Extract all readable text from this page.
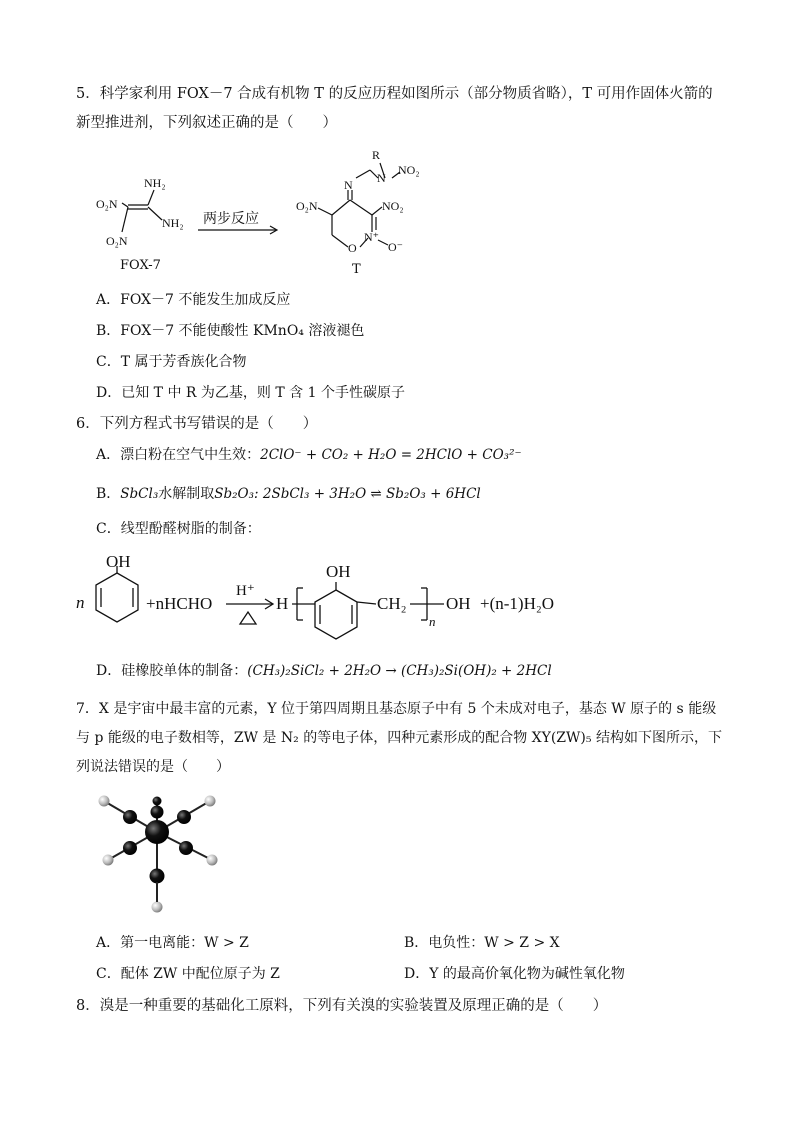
5．科学家利用 FOX－7 合成有机物 T 的反应历程如图所示（部分物质省略），T 可用作固体火箭的
新型推进剂，下列叙述正确的是（　　）
NH₂
O₂N
NH₂
O₂N
FOX-7
两步反应
R
N
NO₂
N
O₂N	NO₂
N⁺
O	O⁻
T
A．FOX－7 不能发生加成反应
B．FOX－7 不能使酸性 KMnO₄ 溶液褪色
C．T 属于芳香族化合物
D．已知 T 中 R 为乙基，则 T 含 1 个手性碳原子
6．下列方程式书写错误的是（　　）
A．漂白粉在空气中生效：2ClO⁻ + CO₂ + H₂O = 2HClO + CO₃²⁻
B．SbCl₃水解制取Sb₂O₃: 2SbCl₃ + 3H₂O ⇌ Sb₂O₃ + 6HCl
C．线型酚醛树脂的制备：
n
OH
+nHCHO
H⁺
H
OH
CH₂
n
OH +(n-1)H₂O
D．硅橡胶单体的制备：(CH₃)₂SiCl₂ + 2H₂O → (CH₃)₂Si(OH)₂ + 2HCl
7．X 是宇宙中最丰富的元素，Y 位于第四周期且基态原子中有 5 个未成对电子，基态 W 原子的 s 能级
与 p 能级的电子数相等，ZW 是 N₂ 的等电子体，四种元素形成的配合物 XY(ZW)₅ 结构如下图所示，下
列说法错误的是（　　）
A．第一电离能：W > Z	B．电负性：W > Z > X
C．配体 ZW 中配位原子为 Z	D．Y 的最高价氧化物为碱性氧化物
8．溴是一种重要的基础化工原料，下列有关溴的实验装置及原理正确的是（　　）
